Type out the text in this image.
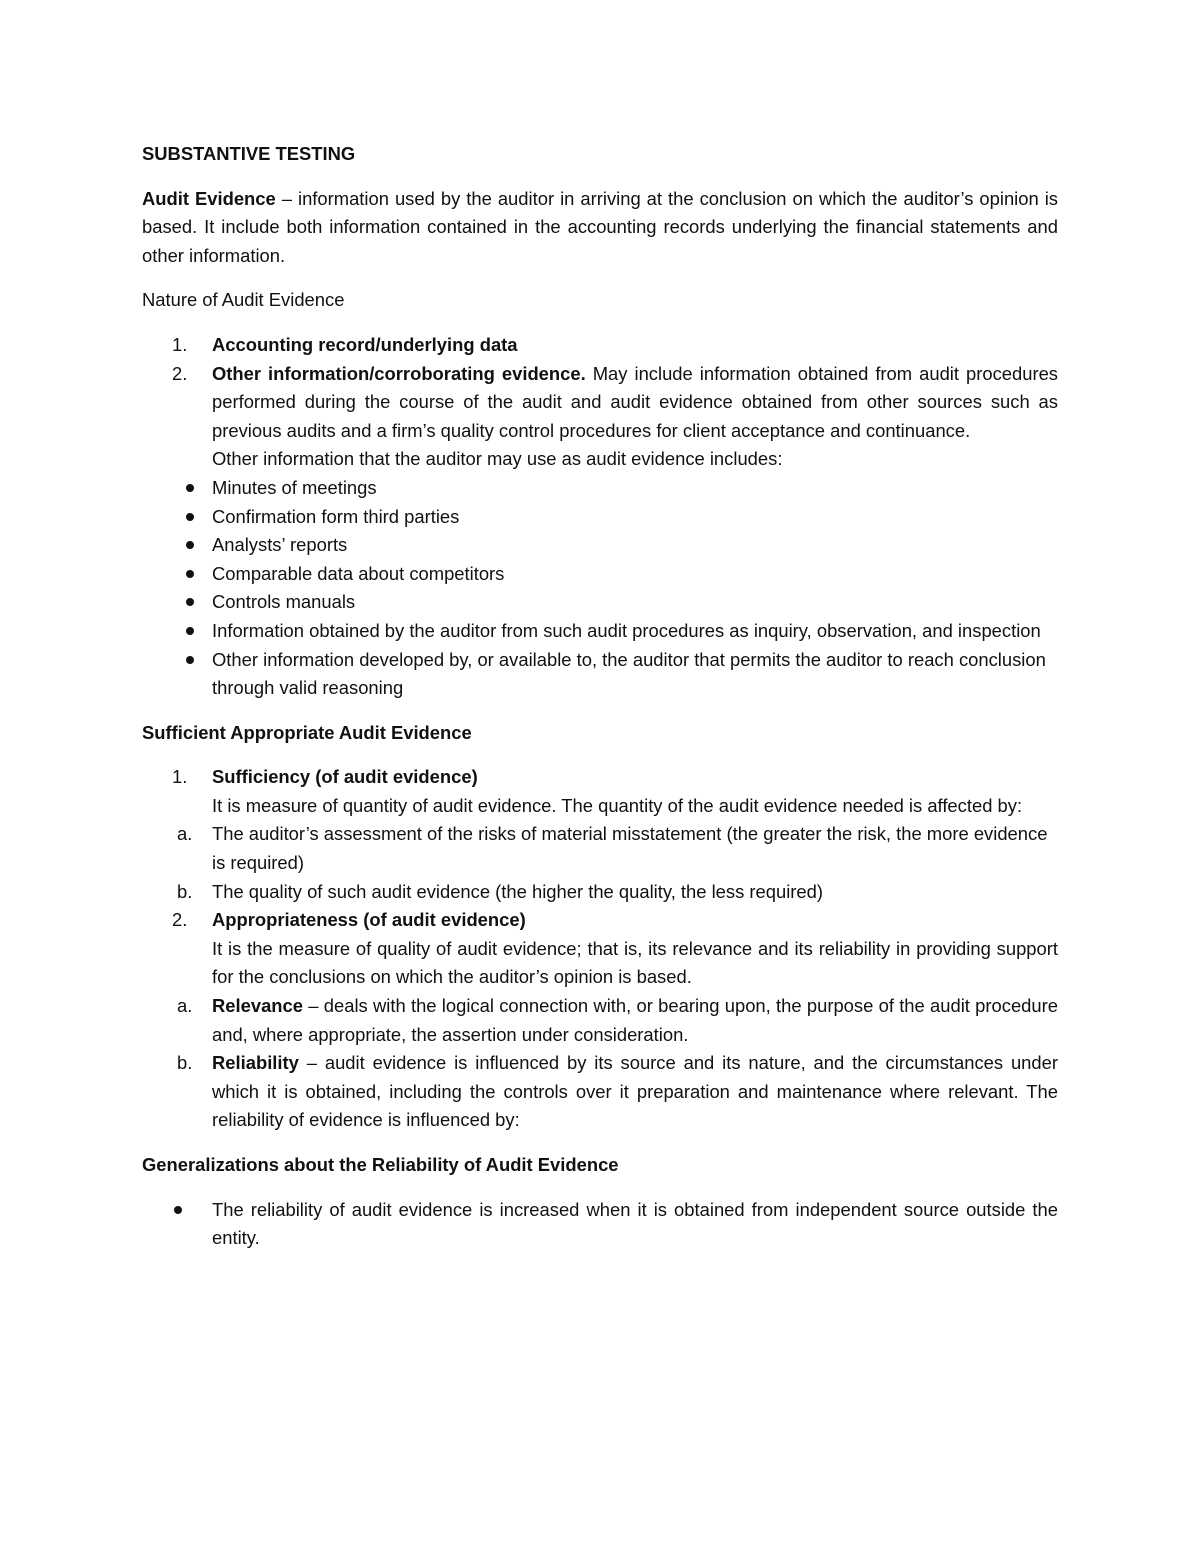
SUBSTANTIVE TESTING

Audit Evidence – information used by the auditor in arriving at the conclusion on which the auditor’s opinion is based. It include both information contained in the accounting records underlying the financial statements and other information.

Nature of Audit Evidence
1. Accounting record/underlying data
2. Other information/corroborating evidence. May include information obtained from audit procedures performed during the course of the audit and audit evidence obtained from other sources such as previous audits and a firm’s quality control procedures for client acceptance and continuance.
Other information that the auditor may use as audit evidence includes:
Minutes of meetings
Confirmation form third parties
Analysts’ reports
Comparable data about competitors
Controls manuals
Information obtained by the auditor from such audit procedures as inquiry, observation, and inspection
Other information developed by, or available to, the auditor that permits the auditor to reach conclusion through valid reasoning
Sufficient Appropriate Audit Evidence
1. Sufficiency (of audit evidence)
It is measure of quantity of audit evidence. The quantity of the audit evidence needed is affected by:
a. The auditor’s assessment of the risks of material misstatement (the greater the risk, the more evidence is required)
b. The quality of such audit evidence (the higher the quality, the less required)
2. Appropriateness (of audit evidence)
It is the measure of quality of audit evidence; that is, its relevance and its reliability in providing support for the conclusions on which the auditor’s opinion is based.
a. Relevance – deals with the logical connection with, or bearing upon, the purpose of the audit procedure and, where appropriate, the assertion under consideration.
b. Reliability – audit evidence is influenced by its source and its nature, and the circumstances under which it is obtained, including the controls over it preparation and maintenance where relevant. The reliability of evidence is influenced by:
Generalizations about the Reliability of Audit Evidence
The reliability of audit evidence is increased when it is obtained from independent source outside the entity.
